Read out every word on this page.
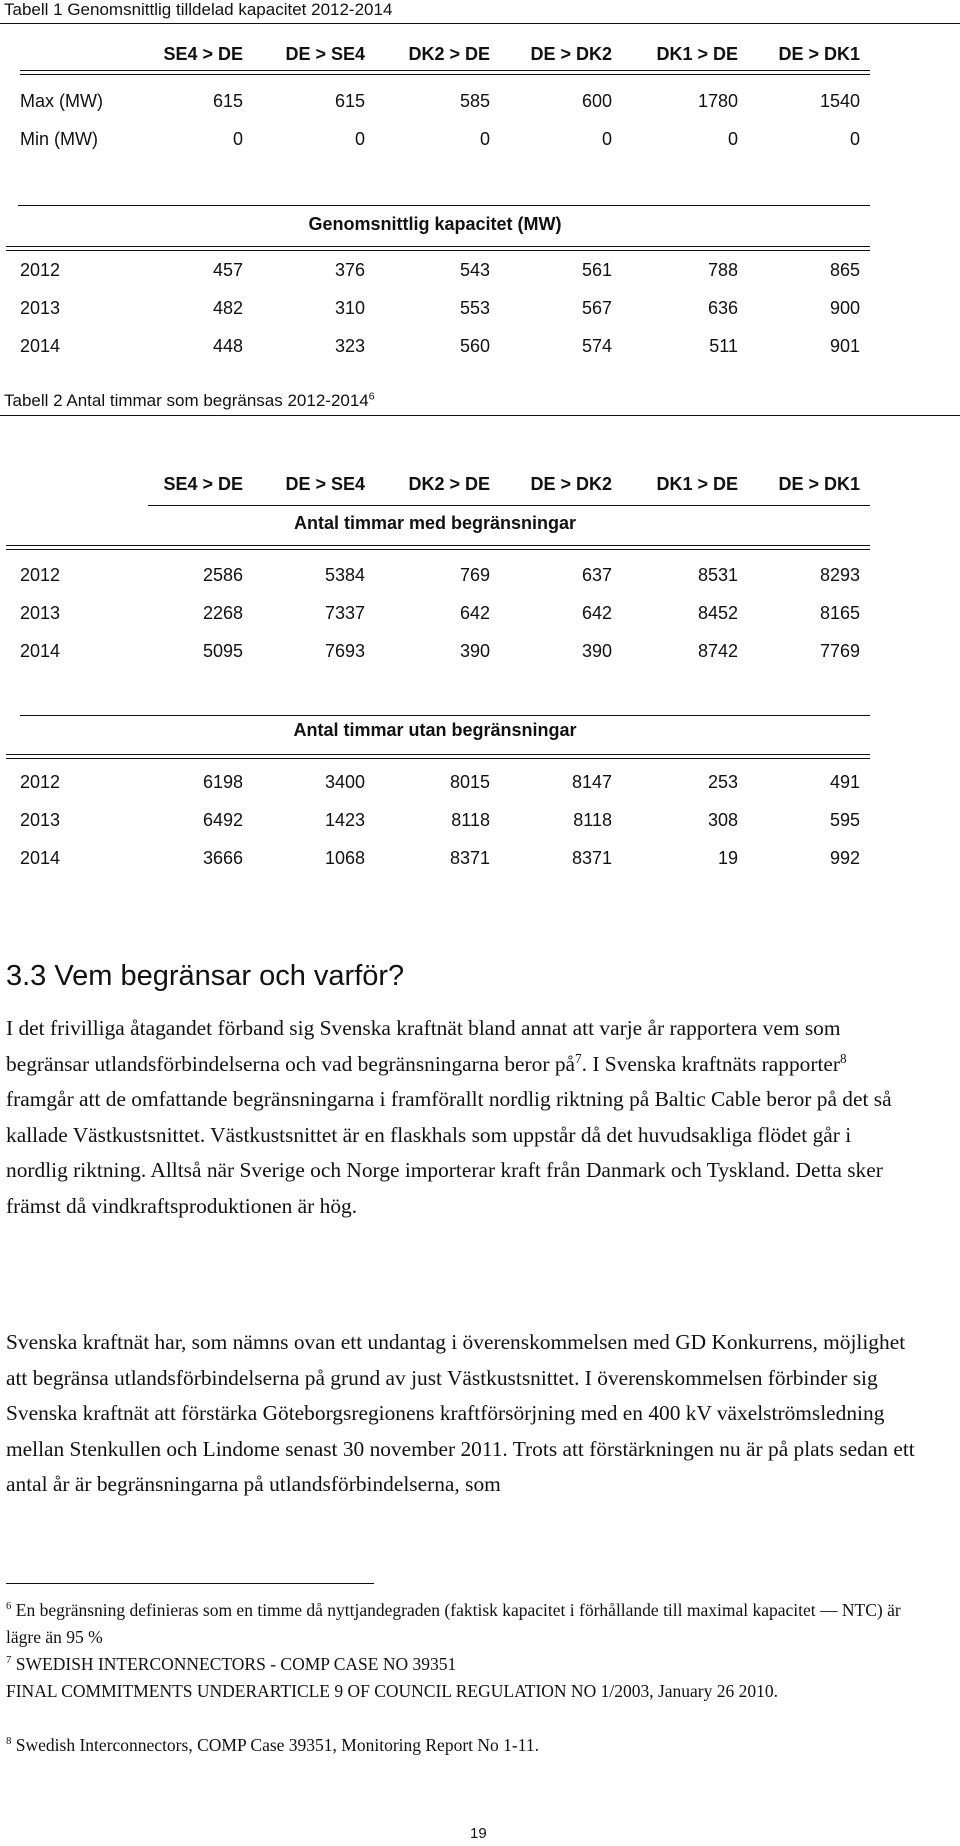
Tabell 1 Genomsnittlig tilldelad kapacitet 2012-2014
Genomsnittlig kapacitet (MW)
Tabell 2 Antal timmar som begränsas 2012-2014$^6$
Antal timmar med begränsningar
Antal timmar utan begränsningar
3.3 Vem begränsar och varför?

I det frivilliga åtagandet förband sig Svenska kraftnät bland annat att varje år rapportera vem som begränsar utlandsförbindelserna och vad begränsningarna beror $på^7$. I Svenska kraftnäts rapporter$^8$ framgår att de omfattande begränsningarna i framförallt nordlig riktning på Baltic Cable beror på det så kallade Västkustsnittet. Västkustsnittet är en flaskhals som uppstår då det huvudsakliga flödet går i nordlig riktning. Alltså när Sverige och Norge importerar kraft från Danmark och Tyskland. Detta sker främst då vindkraftsproduktionen är hög.

Svenska kraftnät har, som nämns ovan ett undantag i överenskommelsen med GD Konkurrens, möjlighet att begränsa utlandsförbindelserna på grund av just Västkustsnittet. I överenskommelsen förbinder sig Svenska kraftnät att förstärka Göteborgsregionens kraftförsörjning med en 400 kV växelströmsledning mellan Stenkullen och Lindome senast 30 november 2011. Trots att förstärkningen nu är på plats sedan ett antal år är begränsningarna på utlandsförbindelserna, som

19
SE4 > DE	DE > SE4	DK2 > DE	DE > DK2	DK1 > DE	DE > DK1
Max (MW)	615	615	585	600	1780	1540
Min (MW)	0	0	0	0	0	0
2012	457	376	543	561	788	865
2013	482	310	553	567	636	900
2014	448	323	560	574	511	901
SE4 > DE	DE > SE4	DK2 > DE	DE > DK2	DK1 > DE	DE > DK1
2012	2586	5384	769	637	8531	8293
2013	2268	7337	642	642	8452	8165
2014	5095	7693	390	390	8742	7769
2012	6198	3400	8015	8147	253	491
2013	6492	1423	8118	8118	308	595
2014	3666	1068	8371	8371	19	992

$^6$ En begränsning definieras som en timme då nyttjandegraden (faktisk kapacitet i förhållande till maximal kapacitet — NTC) är lägre än 95 %

$^7$ SWEDISH INTERCONNECTORS - COMP CASE NO 39351

FINAL COMMITMENTS UNDERARTICLE 9 OF COUNCIL REGULATION NO 1/2003, January 26 2010.

$^8$ Swedish Interconnectors, COMP Case 39351, Monitoring Report No 1-11.
